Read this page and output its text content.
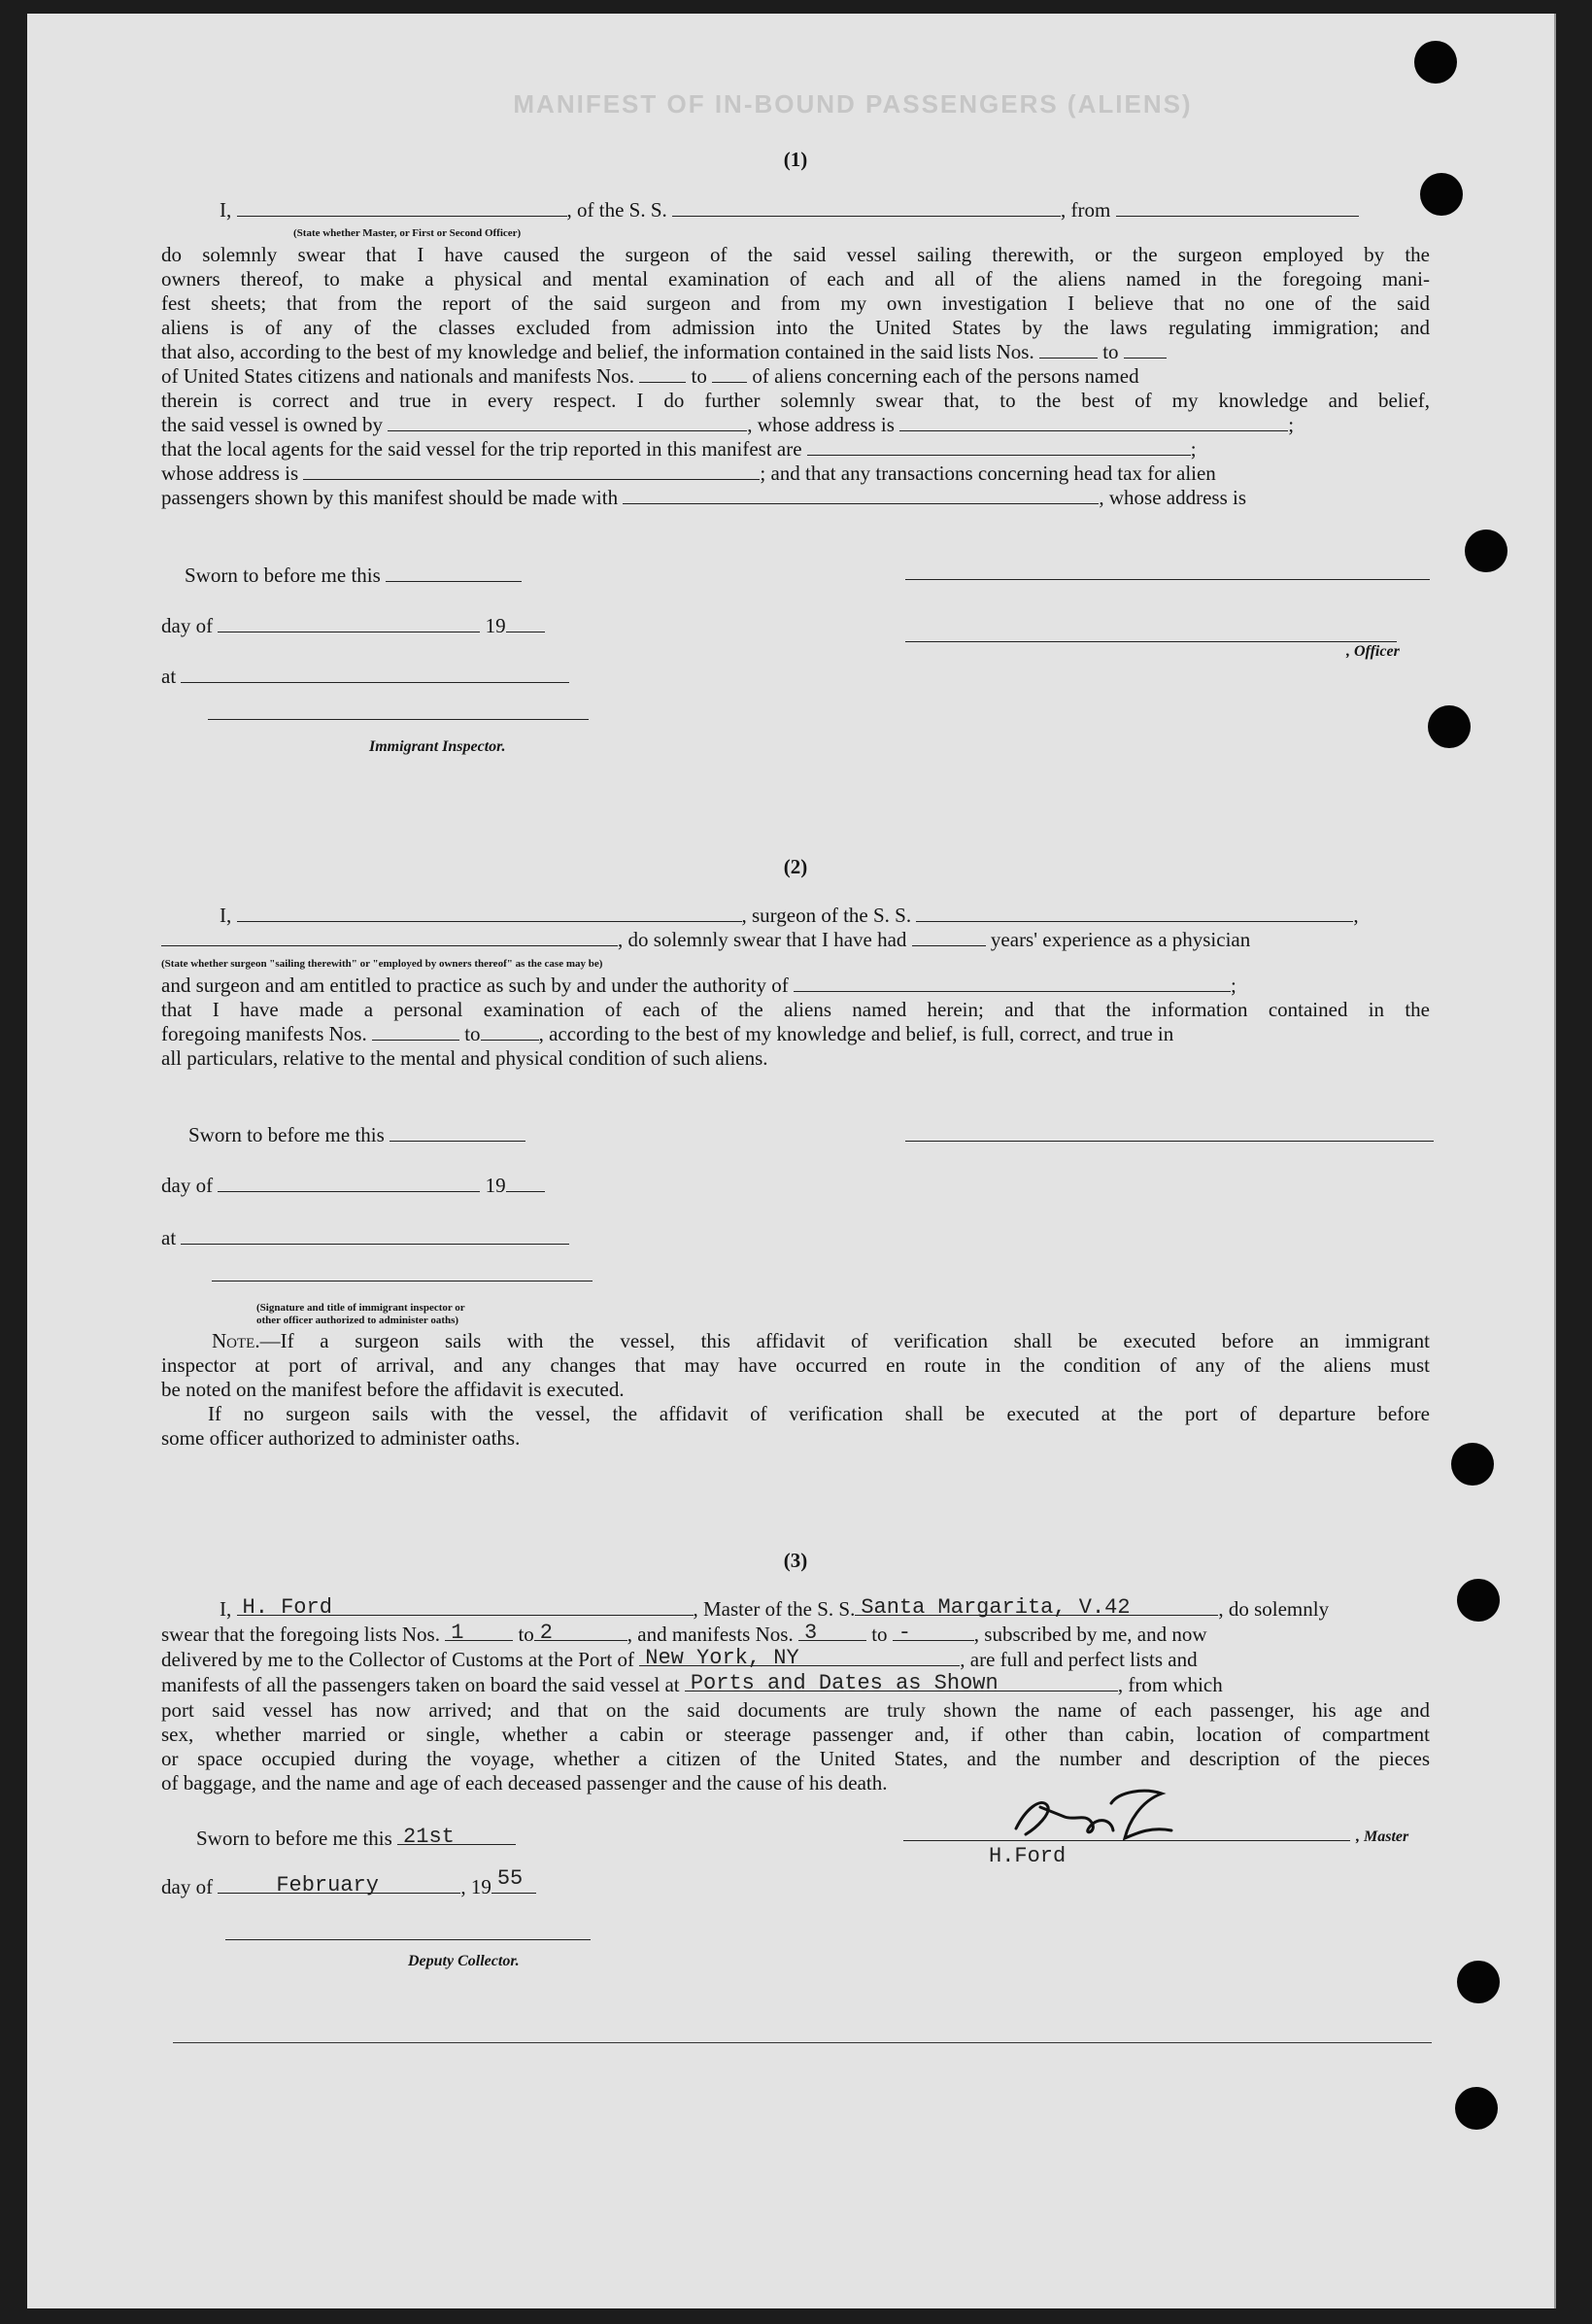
MANIFEST OF IN-BOUND PASSENGERS (ALIENS)
(1)
I,	, of the S. S.	, from
(State whether Master, or First or Second Officer)
do solemnly swear that I have caused the surgeon of the said vessel sailing therewith, or the surgeon employed by the
owners thereof, to make a physical and mental examination of each and all of the aliens named in the foregoing mani-
fest sheets; that from the report of the said surgeon and from my own investigation I believe that no one of the said
aliens is of any of the classes excluded from admission into the United States by the laws regulating immigration; and
that also, according to the best of my knowledge and belief, the information contained in the said lists Nos.	to
of United States citizens and nationals and manifests Nos.	to of aliens concerning each of the persons named
therein is correct and true in every respect. I do further solemnly swear that, to the best of my knowledge and belief,
the said vessel is owned by	, whose address is	;
that the local agents for the said vessel for the trip reported in this manifest are	;
whose address is	; and that any transactions concerning head tax for alien
passengers shown by this manifest should be made with	, whose address is
Sworn to before me this
day of	19
, Officer
at
Immigrant Inspector.
(2)
I,	, surgeon of the S. S.	,
, do solemnly swear that I have had	years' experience as a physician
(State whether surgeon "sailing therewith" or "employed by owners thereof" as the case may be)
and surgeon and am entitled to practice as such by and under the authority of	;
that I have made a personal examination of each of the aliens named herein; and that the information contained in the
foregoing manifests Nos.	to	, according to the best of my knowledge and belief, is full, correct, and true in
all particulars, relative to the mental and physical condition of such aliens.
Sworn to before me this
day of	19
at
(Signature and title of immigrant inspector or
other officer authorized to administer oaths)
Note.—If a surgeon sails with the vessel, this affidavit of verification shall be executed before an immigrant
inspector at port of arrival, and any changes that may have occurred en route in the condition of any of the aliens must
be noted on the manifest before the affidavit is executed.
If no surgeon sails with the vessel, the affidavit of verification shall be executed at the port of departure before
some officer authorized to administer oaths.
(3)
I, H. Ford	, Master of the S. S. Santa Margarita, V.42	, do solemnly
swear that the foregoing lists Nos. 1	to 2	, and manifests Nos. 3	to -	, subscribed by me, and now
delivered by me to the Collector of Customs at the Port of New York, NY	, are full and perfect lists and
manifests of all the passengers taken on board the said vessel at Ports and Dates as Shown	, from which
port said vessel has now arrived; and that on the said documents are truly shown the name of each passenger, his age and
sex, whether married or single, whether a cabin or steerage passenger and, if other than cabin, location of compartment
or space occupied during the voyage, whether a citizen of the United States, and the number and description of the pieces
of baggage, and the name and age of each deceased passenger and the cause of his death.
Sworn to before me this 21st
H.Ford
, Master
day of	February	, 19 55
Deputy Collector.
